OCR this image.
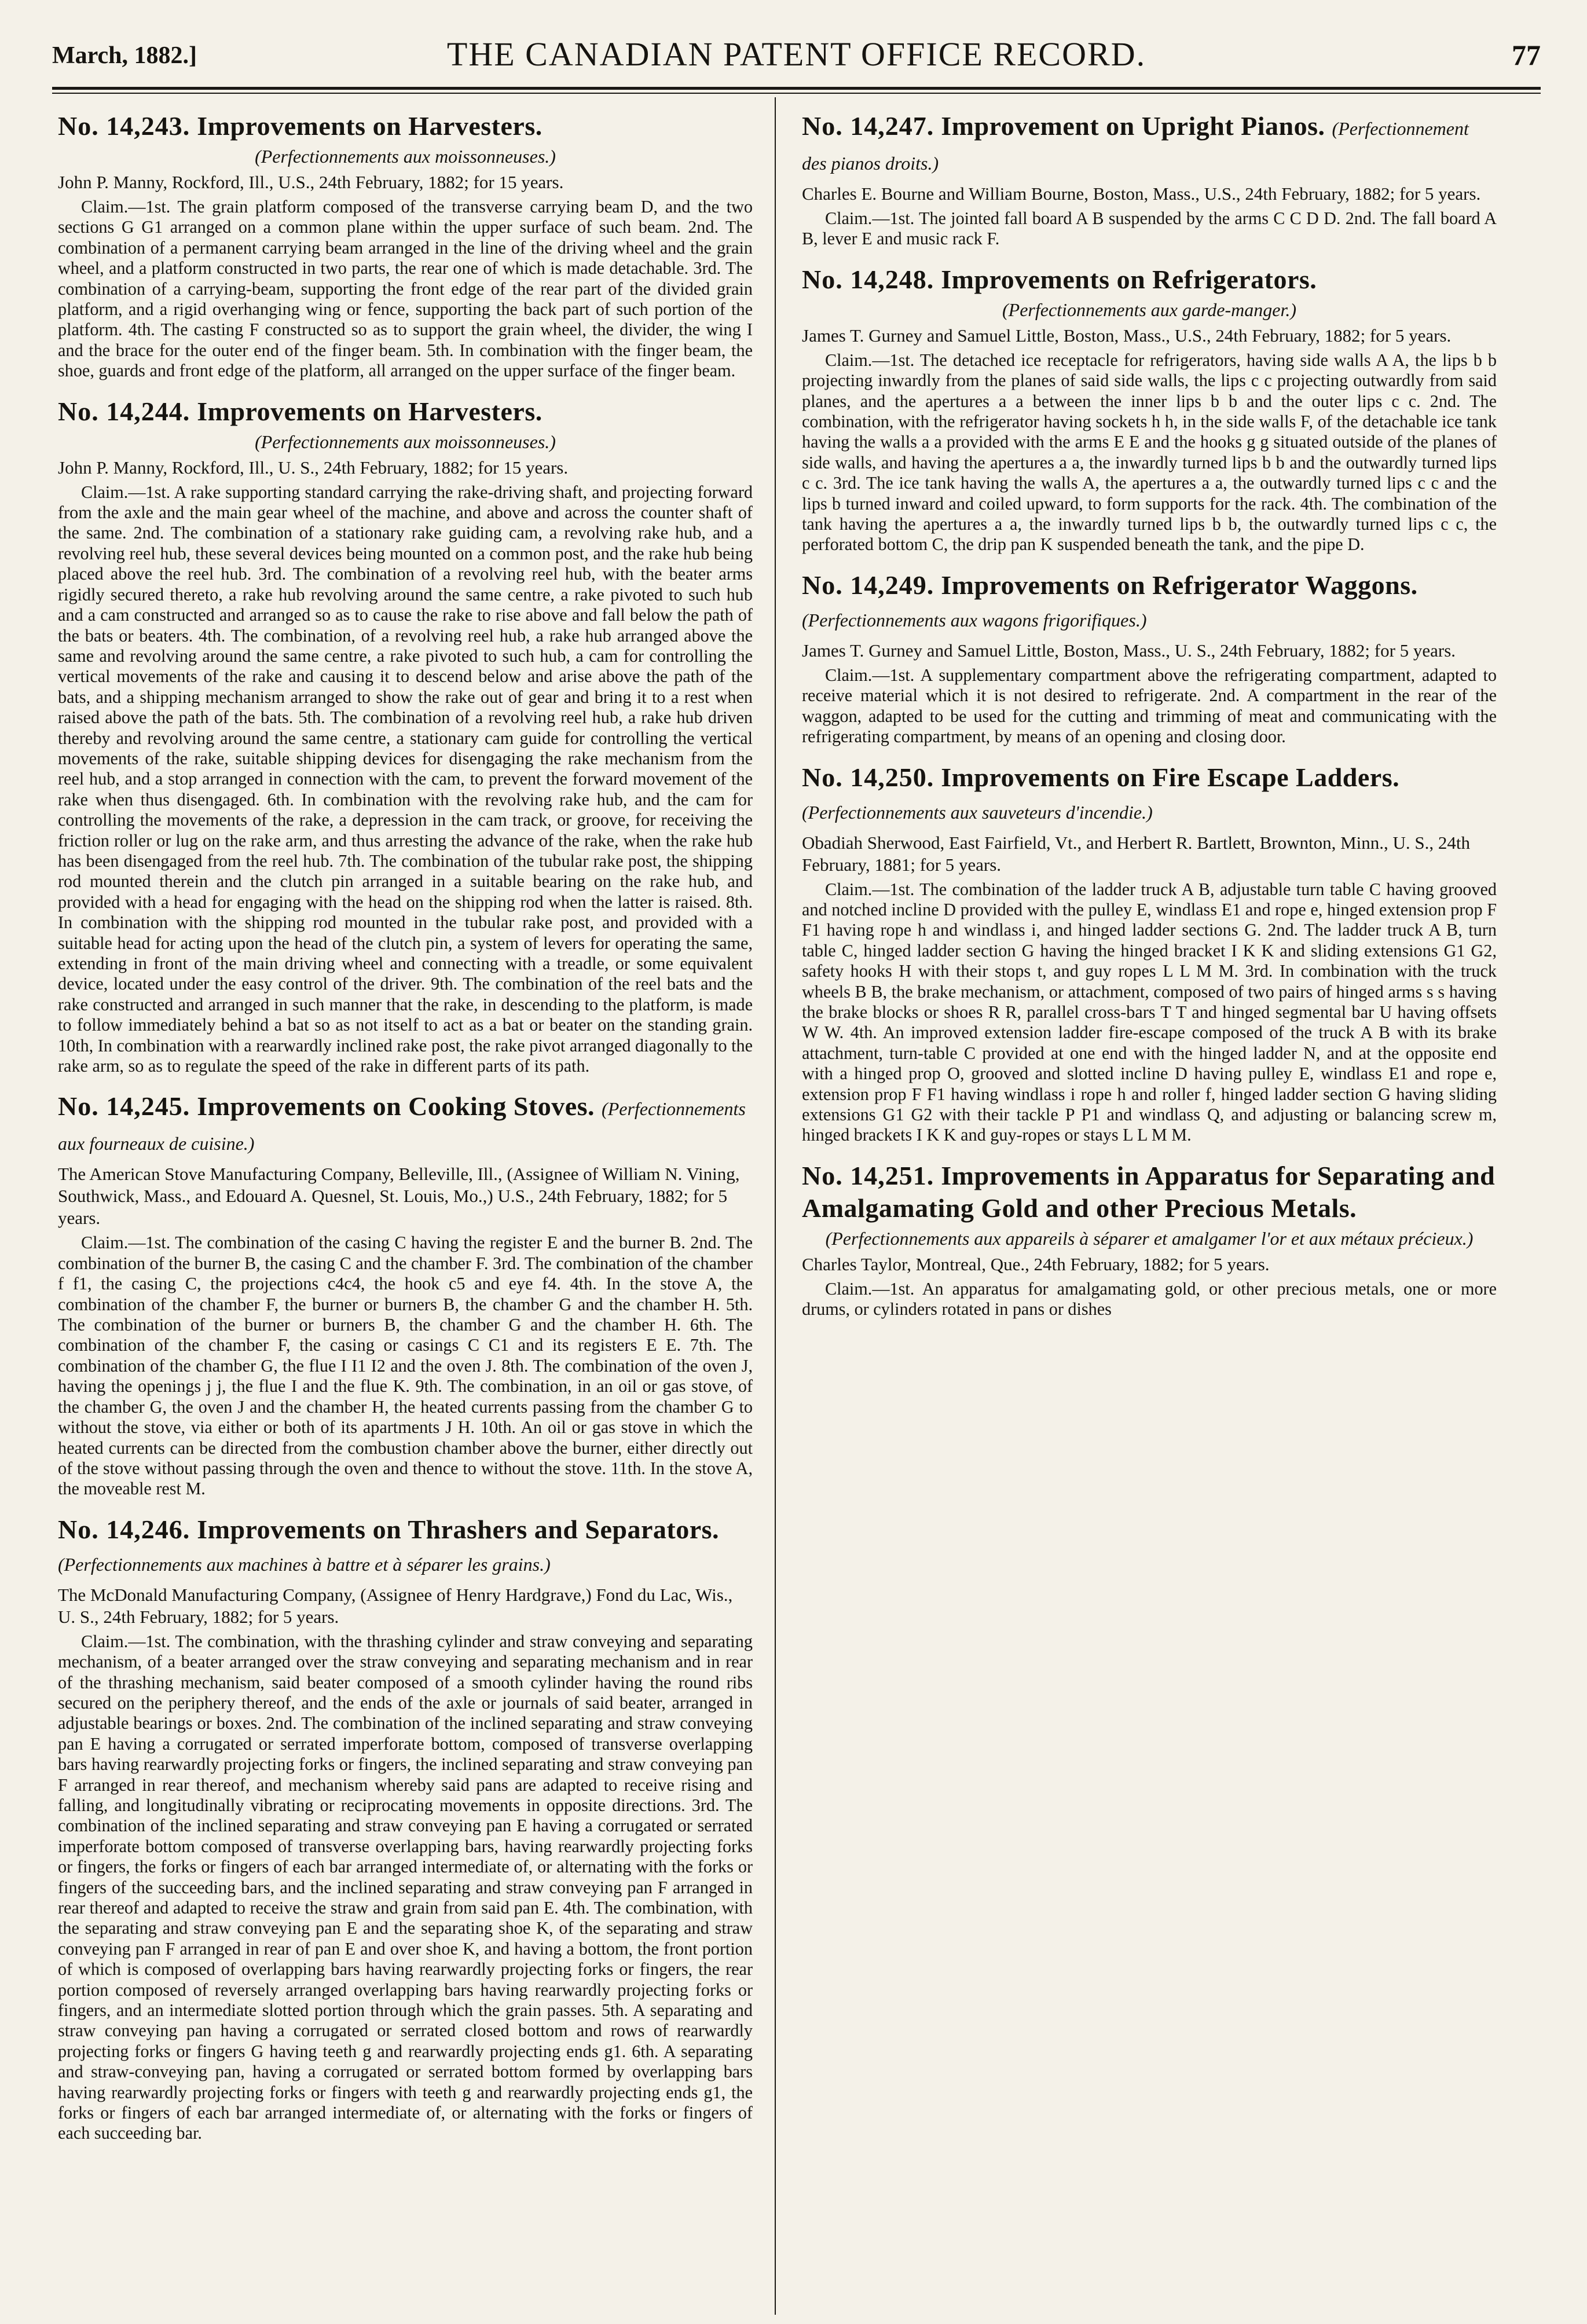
March, 1882.]	THE CANADIAN PATENT OFFICE RECORD.	77
No. 14,243. Improvements on Harvesters.
(Perfectionnements aux moissonneuses.)
John P. Manny, Rockford, Ill., U.S., 24th February, 1882; for 15 years.

Claim.—1st. The grain platform composed of the transverse carrying beam D, and the two sections G G1 arranged on a common plane within the upper surface of such beam. 2nd. The combination of a permanent carrying beam arranged in the line of the driving wheel and the grain wheel, and a platform constructed in two parts, the rear one of which is made detachable. 3rd. The combination of a carrying-beam, supporting the front edge of the rear part of the divided grain platform, and a rigid overhanging wing or fence, supporting the back part of such portion of the platform. 4th. The casting F constructed so as to support the grain wheel, the divider, the wing I and the brace for the outer end of the finger beam. 5th. In combination with the finger beam, the shoe, guards and front edge of the platform, all arranged on the upper surface of the finger beam.

No. 14,244. Improvements on Harvesters.
(Perfectionnements aux moissonneuses.)
John P. Manny, Rockford, Ill., U. S., 24th February, 1882; for 15 years.

Claim.—1st. A rake supporting standard carrying the rake-driving shaft, and projecting forward from the axle and the main gear wheel of the machine, and above and across the counter shaft of the same. 2nd. The combination of a stationary rake guiding cam, a revolving rake hub, and a revolving reel hub, these several devices being mounted on a common post, and the rake hub being placed above the reel hub. 3rd. The combination of a revolving reel hub, with the beater arms rigidly secured thereto, a rake hub revolving around the same centre, a rake pivoted to such hub and a cam constructed and arranged so as to cause the rake to rise above and fall below the path of the bats or beaters. 4th. The combination, of a revolving reel hub, a rake hub arranged above the same and revolving around the same centre, a rake pivoted to such hub, a cam for controlling the vertical movements of the rake and causing it to descend below and arise above the path of the bats, and a shipping mechanism arranged to show the rake out of gear and bring it to a rest when raised above the path of the bats. 5th. The combination of a revolving reel hub, a rake hub driven thereby and revolving around the same centre, a stationary cam guide for controlling the vertical movements of the rake, suitable shipping devices for disengaging the rake mechanism from the reel hub, and a stop arranged in connection with the cam, to prevent the forward movement of the rake when thus disengaged. 6th. In combination with the revolving rake hub, and the cam for controlling the movements of the rake, a depression in the cam track, or groove, for receiving the friction roller or lug on the rake arm, and thus arresting the advance of the rake, when the rake hub has been disengaged from the reel hub. 7th. The combination of the tubular rake post, the shipping rod mounted therein and the clutch pin arranged in a suitable bearing on the rake hub, and provided with a head for engaging with the head on the shipping rod when the latter is raised. 8th. In combination with the shipping rod mounted in the tubular rake post, and provided with a suitable head for acting upon the head of the clutch pin, a system of levers for operating the same, extending in front of the main driving wheel and connecting with a treadle, or some equivalent device, located under the easy control of the driver. 9th. The combination of the reel bats and the rake constructed and arranged in such manner that the rake, in descending to the platform, is made to follow immediately behind a bat so as not itself to act as a bat or beater on the standing grain. 10th, In combination with a rearwardly inclined rake post, the rake pivot arranged diagonally to the rake arm, so as to regulate the speed of the rake in different parts of its path.

No. 14,245. Improvements on Cooking Stoves. (Perfectionnements aux fourneaux de cuisine.)
The American Stove Manufacturing Company, Belleville, Ill., (Assignee of William N. Vining, Southwick, Mass., and Edouard A. Quesnel, St. Louis, Mo.,) U.S., 24th February, 1882; for 5 years.

Claim.—1st. The combination of the casing C having the register E and the burner B. 2nd. The combination of the burner B, the casing C and the chamber F. 3rd. The combination of the chamber f f1, the casing C, the projections c4c4, the hook c5 and eye f4. 4th. In the stove A, the combination of the chamber F, the burner or burners B, the chamber G and the chamber H. 5th. The combination of the burner or burners B, the chamber G and the chamber H. 6th. The combination of the chamber F, the casing or casings C C1 and its registers E E. 7th. The combination of the chamber G, the flue I I1 I2 and the oven J. 8th. The combination of the oven J, having the openings j j, the flue I and the flue K. 9th. The combination, in an oil or gas stove, of the chamber G, the oven J and the chamber H, the heated currents passing from the chamber G to without the stove, via either or both of its apartments J H. 10th. An oil or gas stove in which the heated currents can be directed from the combustion chamber above the burner, either directly out of the stove without passing through the oven and thence to without the stove. 11th. In the stove A, the moveable rest M.

No. 14,246. Improvements on Thrashers and Separators. (Perfectionnements aux machines à battre et à séparer les grains.)
The McDonald Manufacturing Company, (Assignee of Henry Hardgrave,) Fond du Lac, Wis., U. S., 24th February, 1882; for 5 years.

Claim.—1st. The combination, with the thrashing cylinder and straw conveying and separating mechanism, of a beater arranged over the straw conveying and separating mechanism and in rear of the thrashing mechanism, said beater composed of a smooth cylinder having the round ribs secured on the periphery thereof, and the ends of the axle or journals of said beater, arranged in adjustable bearings or boxes. 2nd. The combination of the inclined separating and straw conveying pan E having a corrugated or serrated imperforate bottom, composed of transverse overlapping bars having rearwardly projecting forks or fingers, the inclined separating and straw conveying pan F arranged in rear thereof, and mechanism whereby said pans are adapted to receive rising and falling, and longitudinally vibrating or reciprocating movements in opposite directions. 3rd. The combination of the inclined separating and straw conveying pan E having a corrugated or serrated imperforate bottom composed of transverse overlapping bars, having rearwardly projecting forks or fingers, the forks or fingers of each bar arranged intermediate of, or alternating with the forks or fingers of the succeeding bars, and the inclined separating and straw conveying pan F arranged in rear thereof and adapted to receive the straw and grain from said pan E. 4th. The combination, with the separating and straw conveying pan E and the separating shoe K, of the separating and straw conveying pan F arranged in rear of pan E and over shoe K, and having a bottom, the front portion of which is composed of overlapping bars having rearwardly projecting forks or fingers, the rear portion composed of reversely arranged overlapping bars having rearwardly projecting forks or fingers, and an intermediate slotted portion through which the grain passes. 5th. A separating and straw conveying pan having a corrugated or serrated closed bottom and rows of rearwardly projecting forks or fingers G having teeth g and rearwardly projecting ends g1. 6th. A separating and straw-conveying pan, having a corrugated or serrated bottom formed by overlapping bars having rearwardly projecting forks or fingers with teeth g and rearwardly projecting ends g1, the forks or fingers of each bar arranged intermediate of, or alternating with the forks or fingers of each succeeding bar.

No. 14,247. Improvement on Upright Pianos. (Perfectionnement des pianos droits.)
Charles E. Bourne and William Bourne, Boston, Mass., U.S., 24th February, 1882; for 5 years.

Claim.—1st. The jointed fall board A B suspended by the arms C C D D. 2nd. The fall board A B, lever E and music rack F.

No. 14,248. Improvements on Refrigerators.
(Perfectionnements aux garde-manger.)
James T. Gurney and Samuel Little, Boston, Mass., U.S., 24th February, 1882; for 5 years.

Claim.—1st. The detached ice receptacle for refrigerators, having side walls A A, the lips b b projecting inwardly from the planes of said side walls, the lips c c projecting outwardly from said planes, and the apertures a a between the inner lips b b and the outer lips c c. 2nd. The combination, with the refrigerator having sockets h h, in the side walls F, of the detachable ice tank having the walls a a provided with the arms E E and the hooks g g situated outside of the planes of side walls, and having the apertures a a, the inwardly turned lips b b and the outwardly turned lips c c. 3rd. The ice tank having the walls A, the apertures a a, the outwardly turned lips c c and the lips b turned inward and coiled upward, to form supports for the rack. 4th. The combination of the tank having the apertures a a, the inwardly turned lips b b, the outwardly turned lips c c, the perforated bottom C, the drip pan K suspended beneath the tank, and the pipe D.

No. 14,249. Improvements on Refrigerator Waggons. (Perfectionnements aux wagons frigorifiques.)
James T. Gurney and Samuel Little, Boston, Mass., U. S., 24th February, 1882; for 5 years.

Claim.—1st. A supplementary compartment above the refrigerating compartment, adapted to receive material which it is not desired to refrigerate. 2nd. A compartment in the rear of the waggon, adapted to be used for the cutting and trimming of meat and communicating with the refrigerating compartment, by means of an opening and closing door.

No. 14,250. Improvements on Fire Escape Ladders. (Perfectionnements aux sauveteurs d'incendie.)
Obadiah Sherwood, East Fairfield, Vt., and Herbert R. Bartlett, Brownton, Minn., U. S., 24th February, 1881; for 5 years.

Claim.—1st. The combination of the ladder truck A B, adjustable turn table C having grooved and notched incline D provided with the pulley E, windlass E1 and rope e, hinged extension prop F F1 having rope h and windlass i, and hinged ladder sections G. 2nd. The ladder truck A B, turn table C, hinged ladder section G having the hinged bracket I K K and sliding extensions G1 G2, safety hooks H with their stops t, and guy ropes L L M M. 3rd. In combination with the truck wheels B B, the brake mechanism, or attachment, composed of two pairs of hinged arms s s having the brake blocks or shoes R R, parallel cross-bars T T and hinged segmental bar U having offsets W W. 4th. An improved extension ladder fire-escape composed of the truck A B with its brake attachment, turn-table C provided at one end with the hinged ladder N, and at the opposite end with a hinged prop O, grooved and slotted incline D having pulley E, windlass E1 and rope e, extension prop F F1 having windlass i rope h and roller f, hinged ladder section G having sliding extensions G1 G2 with their tackle P P1 and windlass Q, and adjusting or balancing screw m, hinged brackets I K K and guy-ropes or stays L L M M.

No. 14,251. Improvements in Apparatus for Separating and Amalgamating Gold and other Precious Metals.
(Perfectionnements aux appareils à séparer et amalgamer l'or et aux métaux précieux.)
Charles Taylor, Montreal, Que., 24th February, 1882; for 5 years.

Claim.—1st. An apparatus for amalgamating gold, or other precious metals, one or more drums, or cylinders rotated in pans or dishes
